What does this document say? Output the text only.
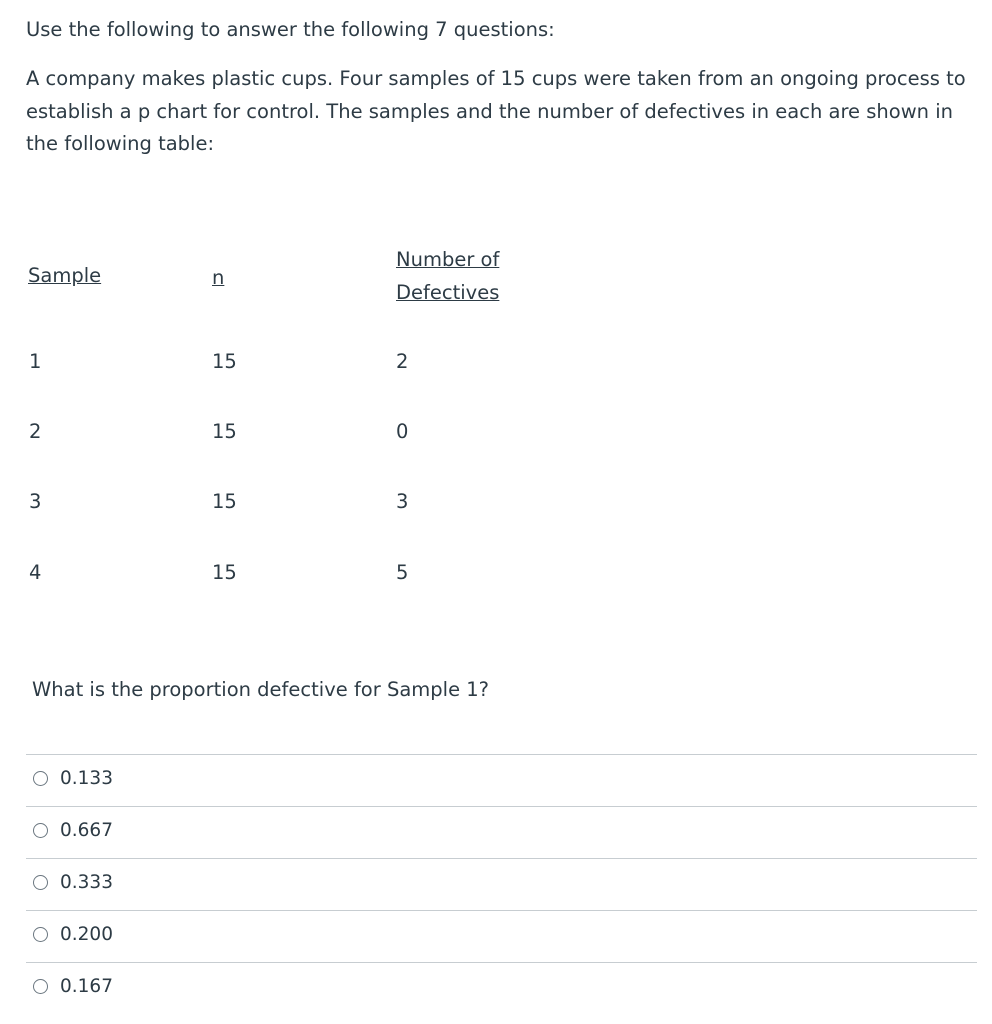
Use the following to answer the following 7 questions:

A company makes plastic cups. Four samples of 15 cups were taken from an ongoing process to establish a p chart for control. The samples and the number of defectives in each are shown in the following table:

Sample	n
Number of
Defectives
1	15	2
2	15	0
3	15	3
4	15	5

What is the proportion defective for Sample 1?

0.133
0.667
0.333
0.200
0.167
